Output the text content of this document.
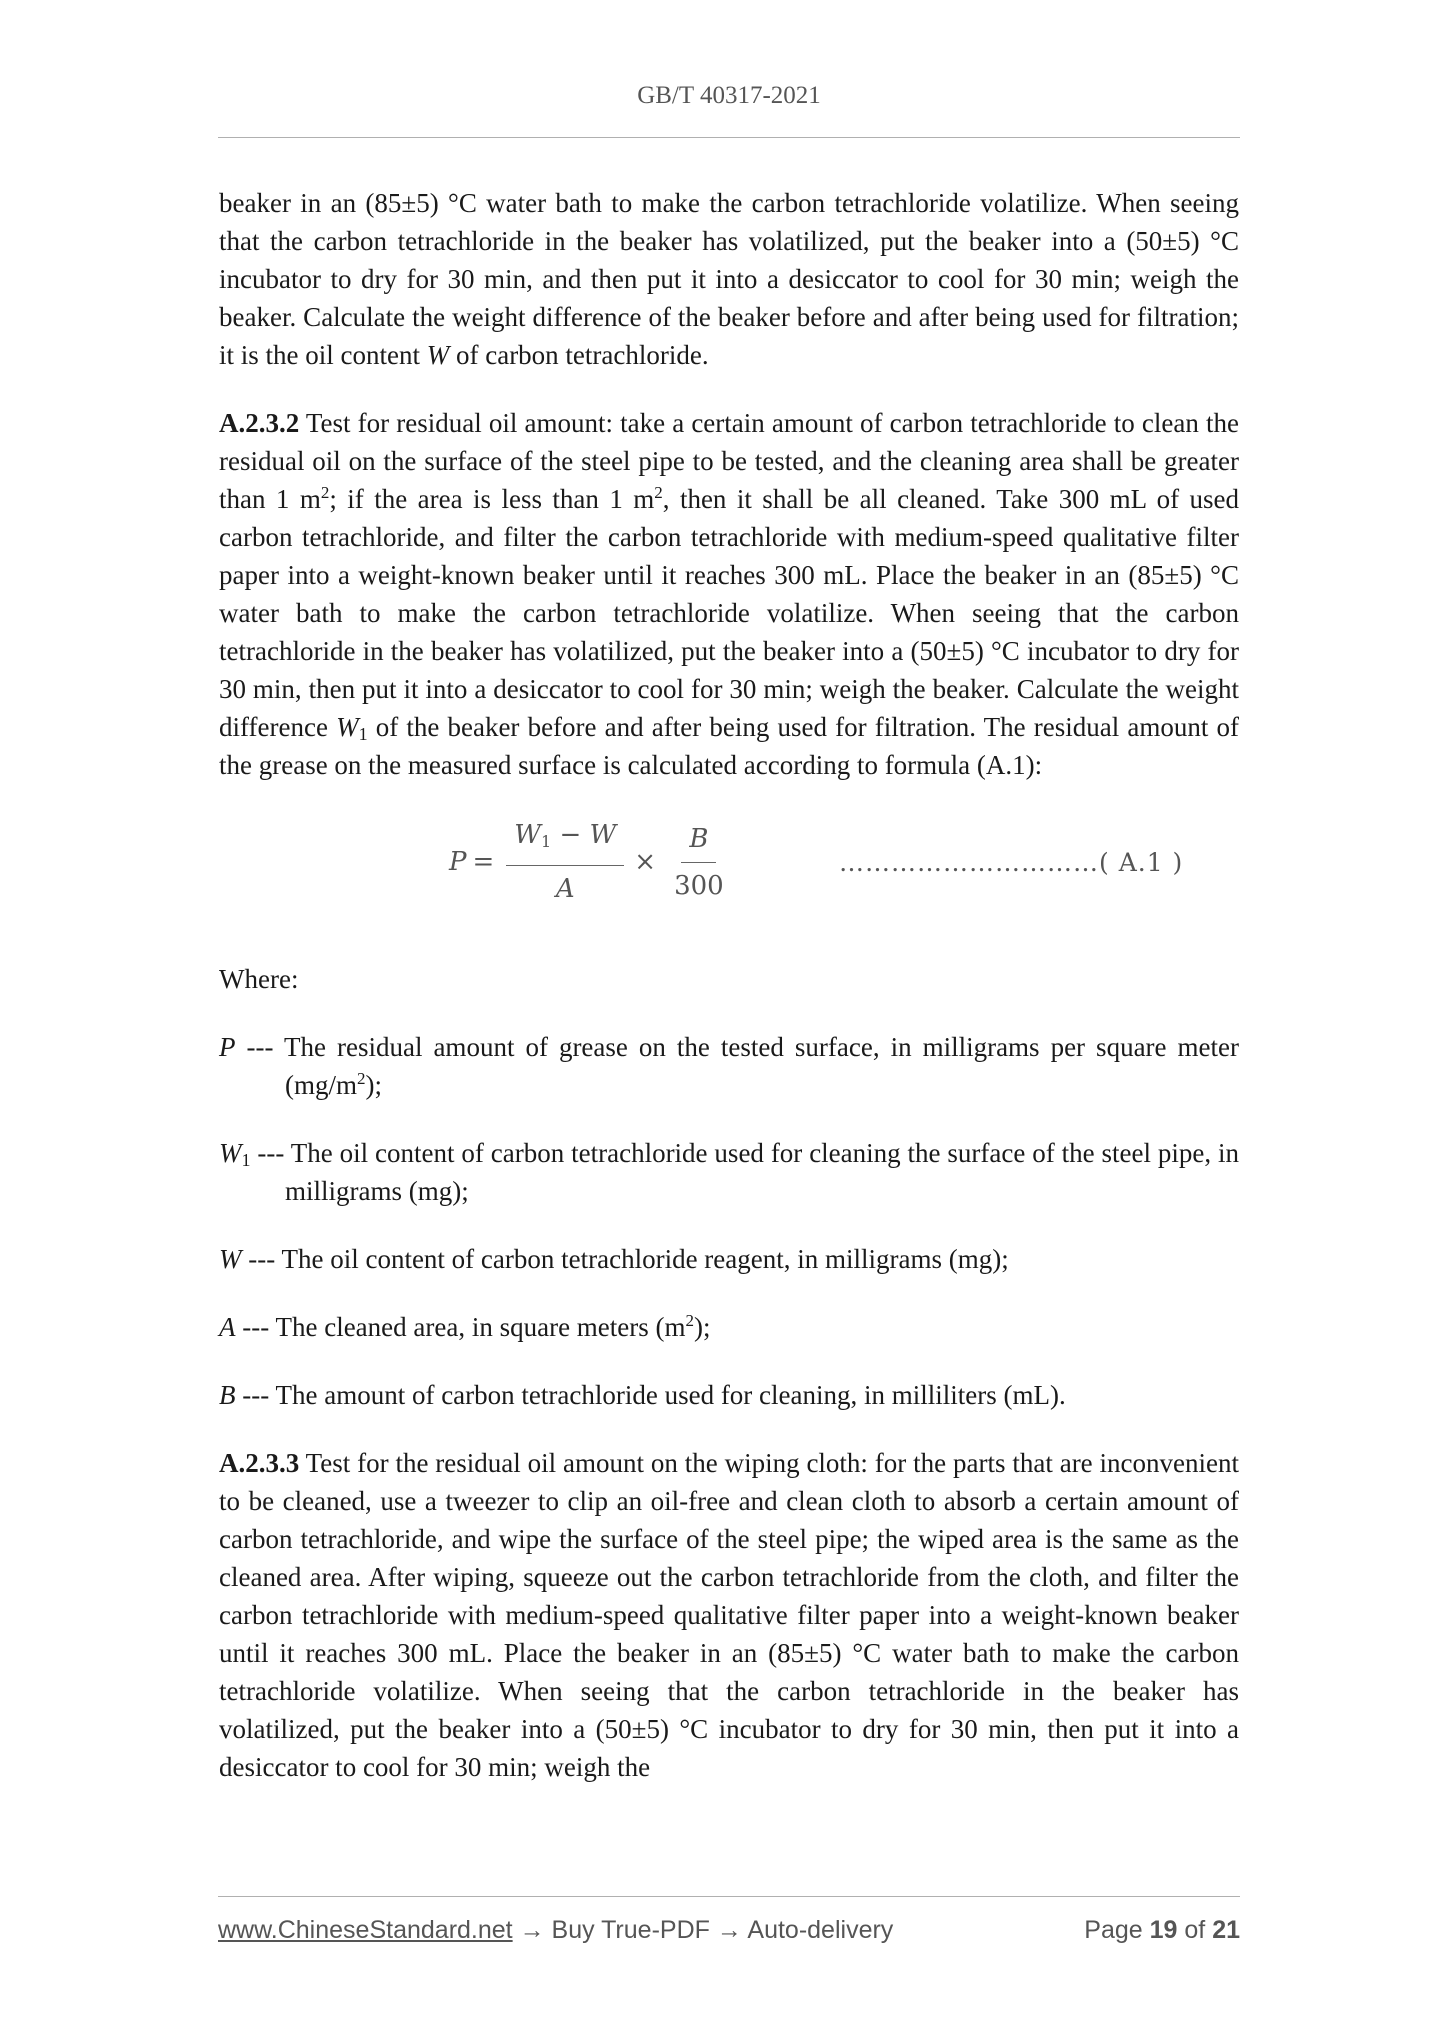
GB/T 40317-2021

beaker in an (85±5) °C water bath to make the carbon tetrachloride volatilize. When seeing that the carbon tetrachloride in the beaker has volatilized, put the beaker into a (50±5) °C incubator to dry for 30 min, and then put it into a desiccator to cool for 30 min; weigh the beaker. Calculate the weight difference of the beaker before and after being used for filtration; it is the oil content W of carbon tetrachloride.

A.2.3.2 Test for residual oil amount: take a certain amount of carbon tetrachloride to clean the residual oil on the surface of the steel pipe to be tested, and the cleaning area shall be greater than 1 $m^2$; if the area is less than 1 $m^2$, then it shall be all cleaned. Take 300 mL of used carbon tetrachloride, and filter the carbon tetrachloride with medium-speed qualitative filter paper into a weight-known beaker until it reaches 300 mL. Place the beaker in an (85±5) °C water bath to make the carbon tetrachloride volatilize. When seeing that the carbon tetrachloride in the beaker has volatilized, put the beaker into a (50±5) °C incubator to dry for 30 min, then put it into a desiccator to cool for 30 min; weigh the beaker. Calculate the weight difference W1 of the beaker before and after being used for filtration. The residual amount of the grease on the measured surface is calculated according to formula (A.1):

$P = \frac{W_1 - W}{A} \times \frac{B}{300}$	…………………………( A.1 )

Where:

P --- The residual amount of grease on the tested surface, in milligrams per square meter $(mg/m^2)$;

W1 --- The oil content of carbon tetrachloride used for cleaning the surface of the steel pipe, in milligrams (mg);

W --- The oil content of carbon tetrachloride reagent, in milligrams (mg);

A --- The cleaned area, in square meters $(m^2)$;

B --- The amount of carbon tetrachloride used for cleaning, in milliliters (mL).

A.2.3.3 Test for the residual oil amount on the wiping cloth: for the parts that are inconvenient to be cleaned, use a tweezer to clip an oil-free and clean cloth to absorb a certain amount of carbon tetrachloride, and wipe the surface of the steel pipe; the wiped area is the same as the cleaned area. After wiping, squeeze out the carbon tetrachloride from the cloth, and filter the carbon tetrachloride with medium-speed qualitative filter paper into a weight-known beaker until it reaches 300 mL. Place the beaker in an (85±5) °C water bath to make the carbon tetrachloride volatilize. When seeing that the carbon tetrachloride in the beaker has volatilized, put the beaker into a (50±5) °C incubator to dry for 30 min, then put it into a desiccator to cool for 30 min; weigh the

www.ChineseStandard.net → Buy True-PDF → Auto-delivery	Page 19 of 21
